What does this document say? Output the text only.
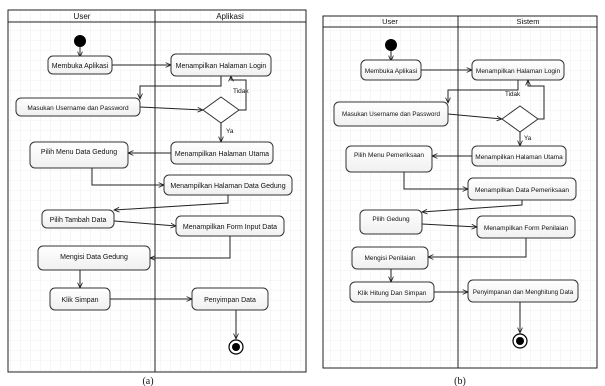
User	Aplikasi
Membuka Aplikasi	Menampilkan Halaman Login
Masukan Username dan Password
Tidak
Ya
Pilih Menu Data Gedung	Menampilkan Halaman Utama
Menampilkan Halaman Data Gedung
Pilih Tambah Data
Menampilkan Form Input Data
Mengisi Data Gedung
Klik Simpan	Penyimpan Data
(a)
User	Sistem
Membuka Aplikasi	Menampilkan Halaman Login
Masukan Username dan Password
Tidak
Ya
Pilih Menu Pemeriksaan	Menampilkan Halaman Utama
Menampilkan Data Pemeriksaan
Pilih Gedung
Menampilkan Form Penilaian
Mengisi Penilaian
Klik Hitung Dan Simpan	Penyimpanan dan Menghitung Data
(b)
